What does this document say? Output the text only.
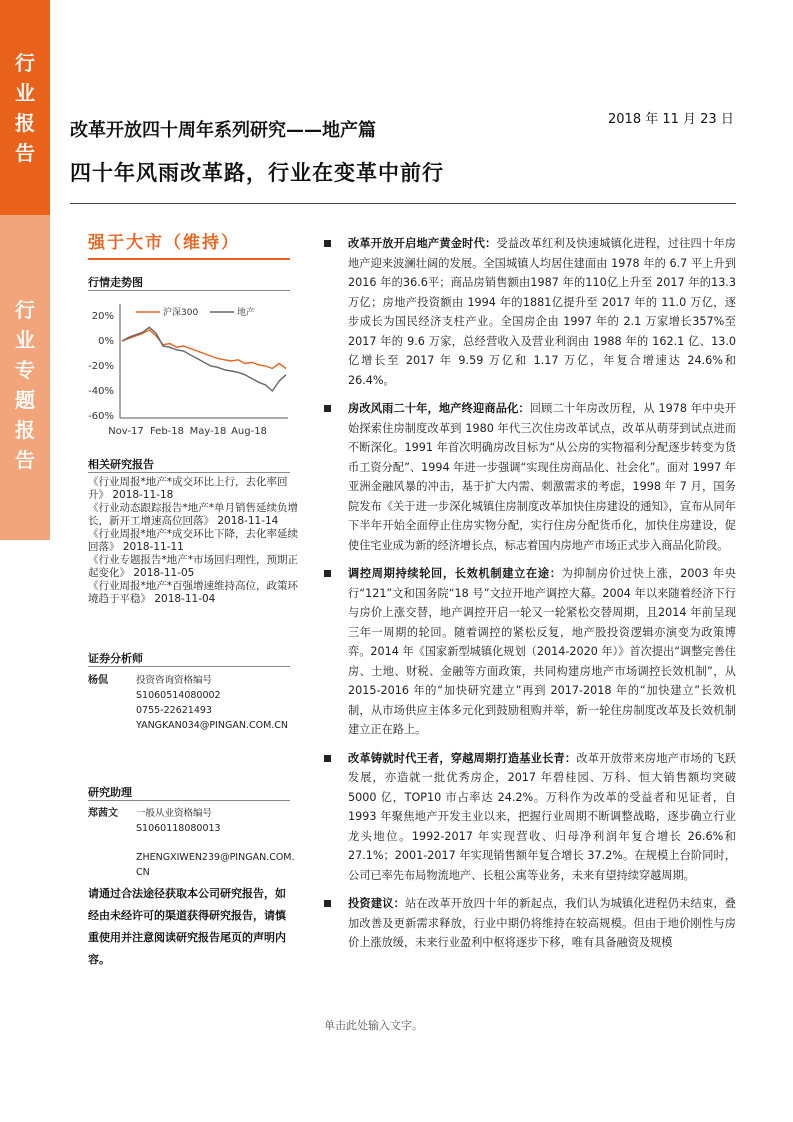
行
业
报
告
行
业
专
题
报
告
2018 年 11 月 23 日
改革开放四十周年系列研究——地产篇
四十年风雨改革路，行业在变革中前行
强于大市（维持）
行情走势图
沪深300	地产
20%
0%
-20%
-40%
-60%
Nov-17 Feb-18 May-18 Aug-18
相关研究报告
《行业周报*地产*成交环比上行，去化率回升》 2018-11-18
《行业动态跟踪报告*地产*单月销售延续负增长，新开工增速高位回落》 2018-11-14
《行业周报*地产*成交环比下降，去化率延续回落》 2018-11-11
《行业专题报告*地产*市场回归理性，预期正起变化》 2018-11-05
《行业周报*地产*百强增速维持高位，政策环境趋于平稳》 2018-11-04
证券分析师
杨侃	投资咨询资格编号
S1060514080002
0755-22621493
YANGKAN034@PINGAN.COM.CN
研究助理
郑茜文 一般从业资格编号
S1060118080013
ZHENGXIWEN239@PINGAN.COM.CN
请通过合法途径获取本公司研究报告，如经由未经许可的渠道获得研究报告，请慎重使用并注意阅读研究报告尾页的声明内容。
改革开放开启地产黄金时代：受益改革红利及快速城镇化进程，过往四十年房地产迎来波澜壮阔的发展。全国城镇人均居住建面由 1978 年的 6.7 平上升到 2016 年的36.6平；商品房销售额由1987 年的110亿上升至 2017 年的13.3万亿；房地产投资额由 1994 年的1881亿提升至 2017 年的 11.0 万亿，逐步成长为国民经济支柱产业。全国房企由 1997 年的 2.1 万家增长357%至 2017 年的 9.6 万家，总经营收入及营业利润由 1988 年的 162.1 亿、13.0 亿增长至 2017 年 9.59 万亿和 1.17 万亿，年复合增速达 24.6%和 26.4%。
房改风雨二十年，地产终迎商品化：回顾二十年房改历程，从 1978 年中央开始探索住房制度改革到 1980 年代三次住房改革试点，改革从萌芽到试点进而不断深化。1991 年首次明确房改目标为“从公房的实物福利分配逐步转变为货币工资分配”、1994 年进一步强调“实现住房商品化、社会化”。面对 1997 年亚洲金融风暴的冲击，基于扩大内需、刺激需求的考虑，1998 年 7 月，国务院发布《关于进一步深化城镇住房制度改革加快住房建设的通知》，宣布从同年下半年开始全面停止住房实物分配，实行住房分配货币化，加快住房建设，促使住宅业成为新的经济增长点，标志着国内房地产市场正式步入商品化阶段。
调控周期持续轮回，长效机制建立在途：为抑制房价过快上涨，2003 年央行“121”文和国务院“18 号”文拉开地产调控大幕。2004 年以来随着经济下行与房价上涨交替，地产调控开启一轮又一轮紧松交替周期，且2014 年前呈现三年一周期的轮回。随着调控的紧松反复，地产股投资逻辑亦演变为政策博弈。2014 年《国家新型城镇化规划（2014-2020 年）》首次提出“调整完善住房、土地、财税、金融等方面政策，共同构建房地产市场调控长效机制”，从 2015-2016 年的“加快研究建立”再到 2017-2018 年的“加快建立”长效机制，从市场供应主体多元化到鼓励租购并举，新一轮住房制度改革及长效机制建立正在路上。
改革铸就时代王者，穿越周期打造基业长青：改革开放带来房地产市场的飞跃发展，亦造就一批优秀房企，2017 年碧桂园、万科、恒大销售额均突破 5000 亿，TOP10 市占率达 24.2%。万科作为改革的受益者和见证者，自 1993 年聚焦地产开发主业以来，把握行业周期不断调整战略，逐步确立行业龙头地位。1992-2017 年实现营收、归母净利润年复合增长 26.6%和 27.1%；2001-2017 年实现销售额年复合增长 37.2%。在规模上台阶同时，公司已率先布局物流地产、长租公寓等业务，未来有望持续穿越周期。
投资建议：站在改革开放四十年的新起点，我们认为城镇化进程仍未结束，叠加改善及更新需求释放，行业中期仍将维持在较高规模。但由于地价刚性与房价上涨放缓，未来行业盈利中枢将逐步下移，唯有具备融资及规模
单击此处输入文字。
